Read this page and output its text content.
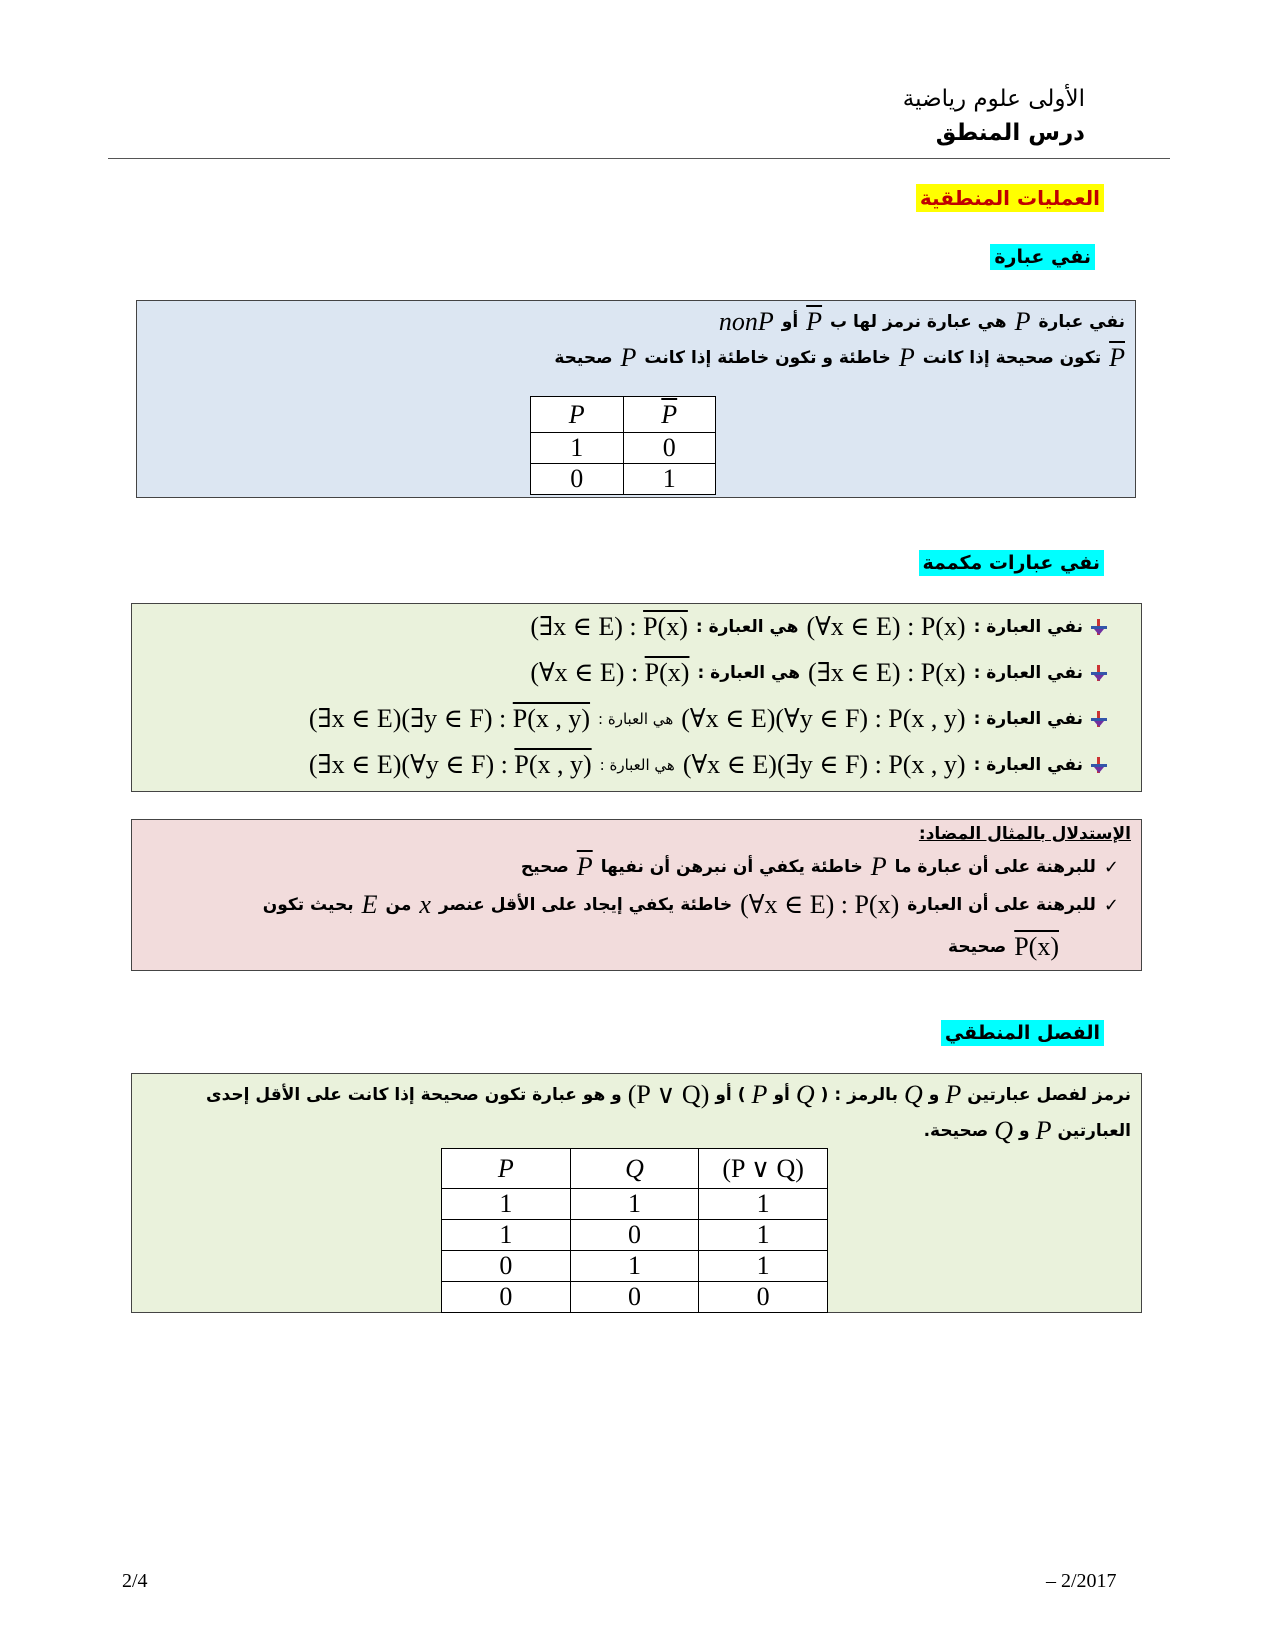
الأولى علوم رياضية
درس المنطق
العمليات المنطقية
نفي عبارة
نفي عبارة
P
هي عبارة نرمز لها ب
P
أو
nonP
P
تكون صحيحة إذا كانت
P
خاطئة و تكون خاطئة إذا كانت
P
صحيحة
P	$\overline{P}$
1	0
0	1
نفي عبارات مكممة
نفي العبارة :
(∀x ∈ E) : P(x)
هي العبارة :
(∃x ∈ E) : P(x)
نفي العبارة :
(∃x ∈ E) : P(x)
هي العبارة :
(∀x ∈ E) : P(x)
نفي العبارة :
(∀x ∈ E)(∀y ∈ F) : P(x , y)
هي العبارة :
(∃x ∈ E)(∃y ∈ F) : P(x , y)
نفي العبارة :
(∀x ∈ E)(∃y ∈ F) : P(x , y)
هي العبارة :
(∃x ∈ E)(∀y ∈ F) : P(x , y)
الإستدلال بالمثال المضاد:
✓
للبرهنة على أن عبارة ما
P
خاطئة يكفي أن نبرهن أن نفيها
P
صحيح
✓
للبرهنة على أن العبارة
(∀x ∈ E) : P(x)
خاطئة يكفي إيجاد على الأقل عنصر
x
من
E
بحيث تكون
P(x)
صحيحة
الفصل المنطقي
نرمز لفصل عبارتين
P
و
Q
بالرمز :
(
Q
أو
P
)
أو
(P ∨ Q)
و هو عبارة تكون صحيحة إذا كانت على الأقل إحدى
العبارتين
P
و
Q
صحيحة.
P	Q	(P ∨ Q)
1	1	1
1	0	1
0	1	1
0	0	0
2/4	– 2/2017
